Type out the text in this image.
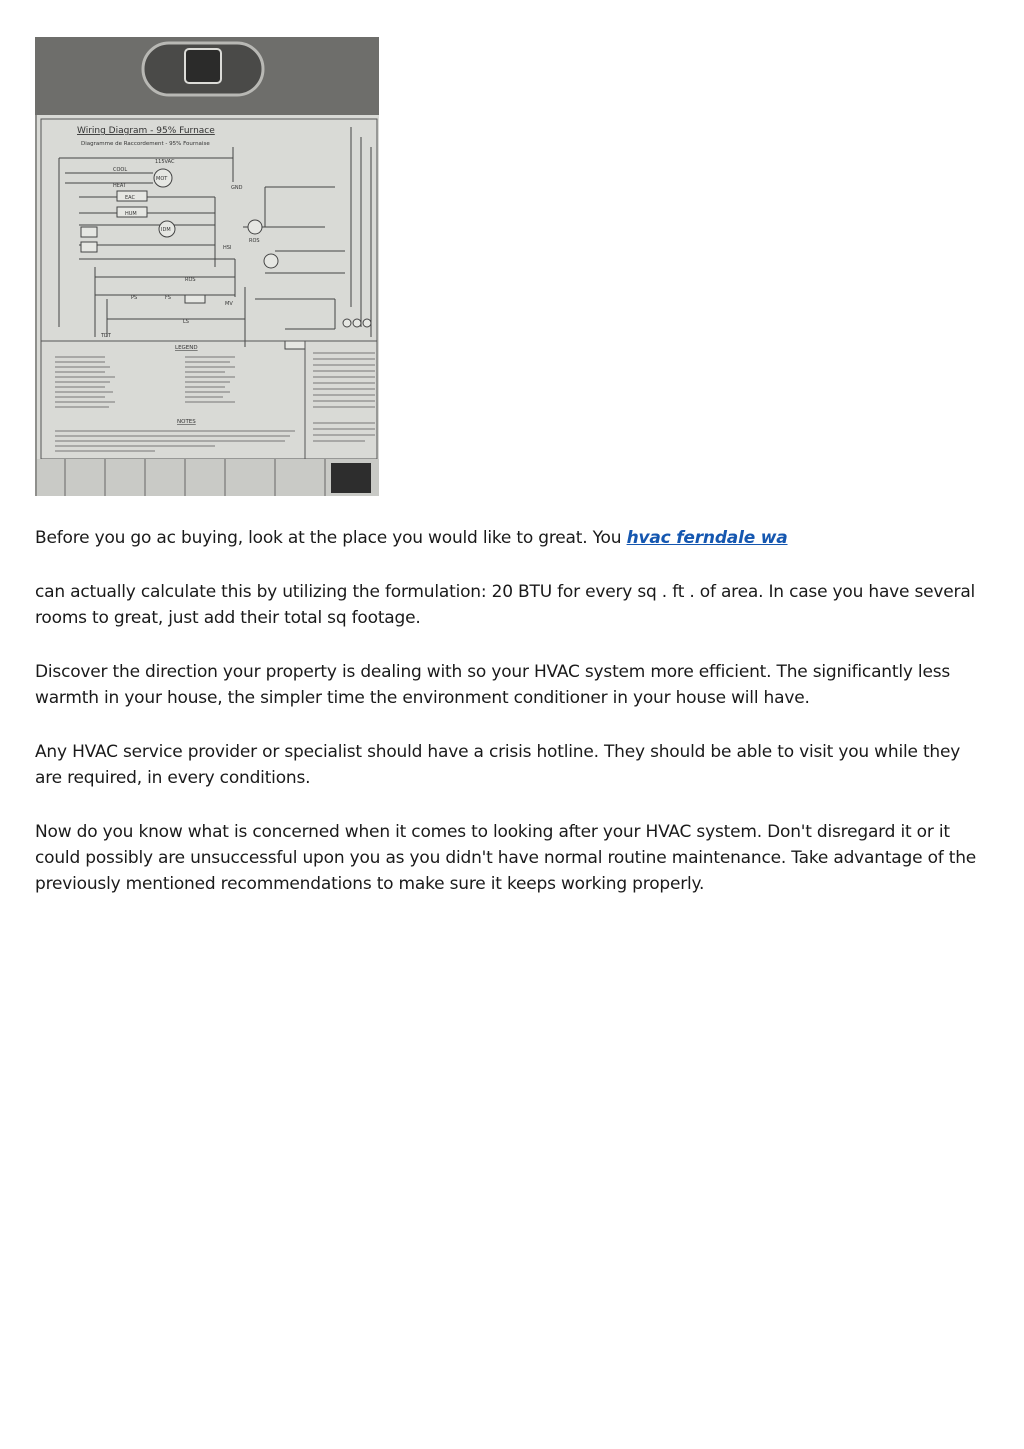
Wiring Diagram - 95% Furnace
Diagramme de Raccordement - 95% Fournaise
115VAC
COOL
HEAT
EAC
HUM
IDM
MOT
GND
ROS
ROS
PS	FS
LS
TDT
MV
HSI
LEGEND
NOTES

Before you go ac buying, look at the place you would like to great. You hvac ferndale wa

can actually calculate this by utilizing the formulation: 20 BTU for every sq . ft . of area. In case you have several rooms to great, just add their total sq footage.

Discover the direction your property is dealing with so your HVAC system more efficient. The significantly less warmth in your house, the simpler time the environment conditioner in your house will have.

Any HVAC service provider or specialist should have a crisis hotline. They should be able to visit you while they are required, in every conditions.

Now do you know what is concerned when it comes to looking after your HVAC system. Don't disregard it or it could possibly are unsuccessful upon you as you didn't have normal routine maintenance. Take advantage of the previously mentioned recommendations to make sure it keeps working properly.
